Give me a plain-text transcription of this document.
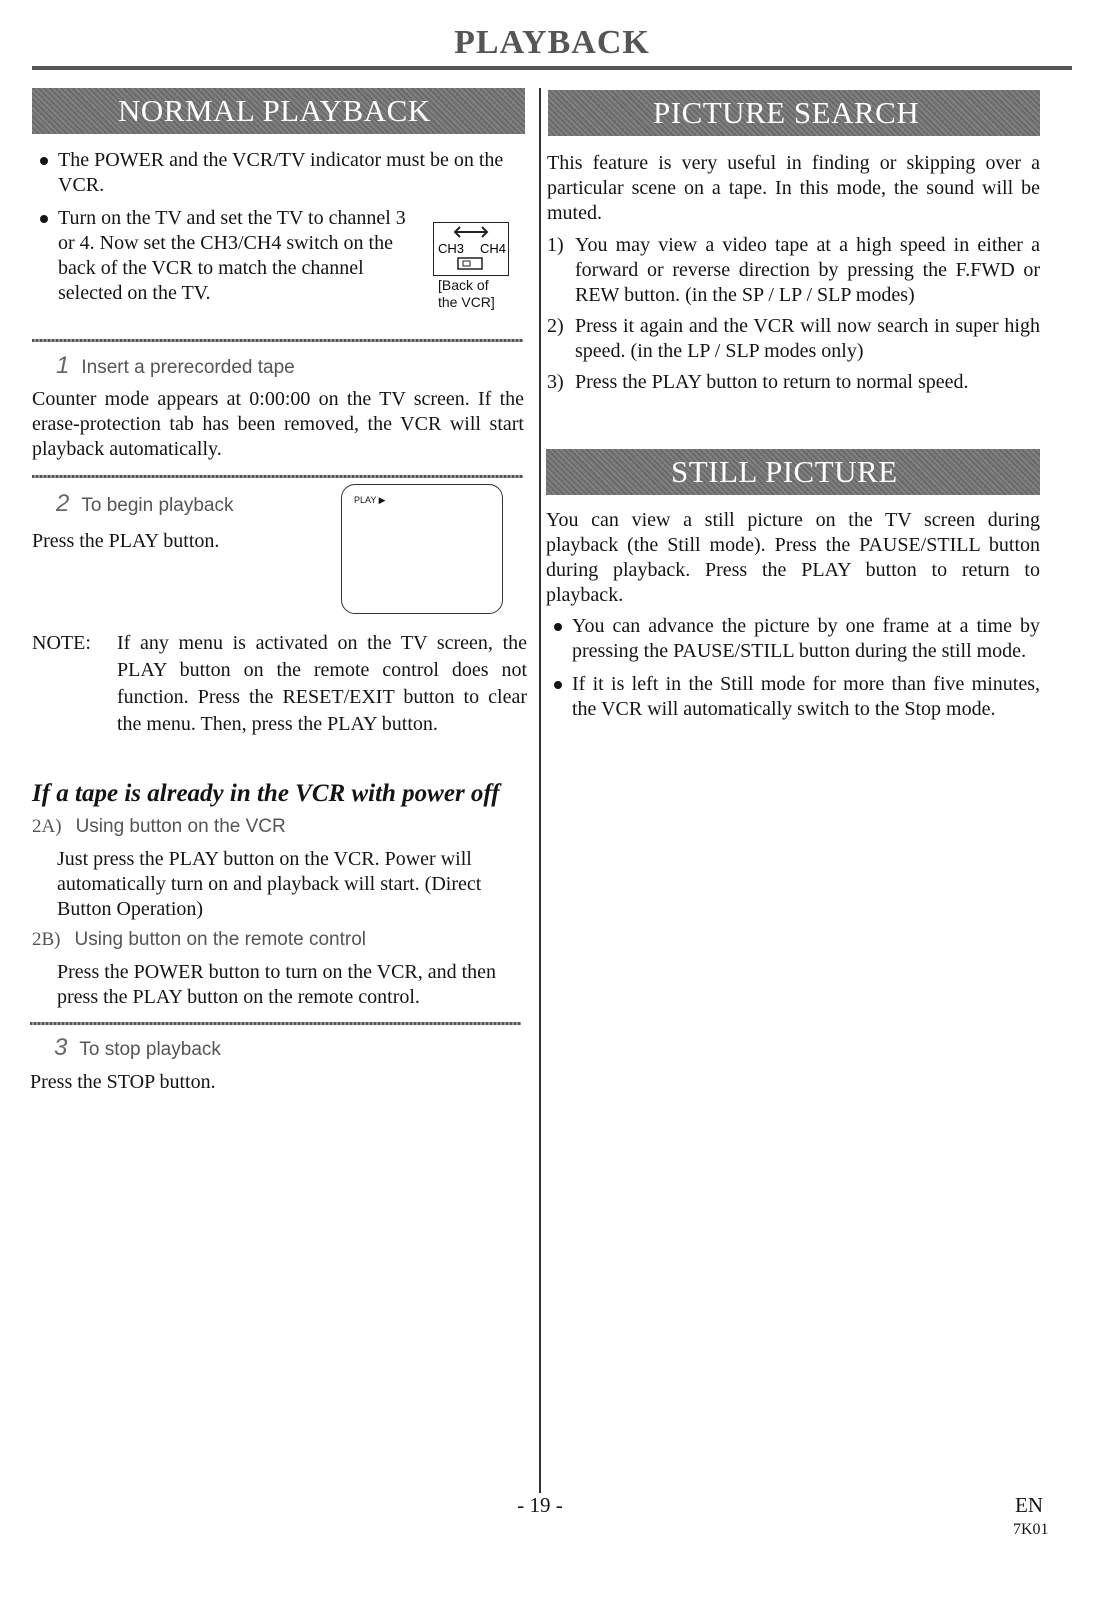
PLAYBACK
NORMAL PLAYBACK
The POWER and the VCR/TV indicator must be on the VCR.
Turn on the TV and set the TV to channel 3 or 4. Now set the CH3/CH4 switch on the back of the VCR to match the channel selected on the TV.
CH3 CH4
[Back of
the VCR]
1 Insert a prerecorded tape
Counter mode appears at 0:00:00 on the TV screen. If the erase-protection tab has been removed, the VCR will start playback automatically.
2 To begin playback
Press the PLAY button.
PLAY ▶
NOTE: If any menu is activated on the TV screen, the PLAY button on the remote control does not function. Press the RESET/EXIT button to clear the menu. Then, press the PLAY button.
If a tape is already in the VCR with power off
2A) Using button on the VCR
Just press the PLAY button on the VCR. Power will automatically turn on and playback will start. (Direct Button Operation)
2B) Using button on the remote control
Press the POWER button to turn on the VCR, and then press the PLAY button on the remote control.
3 To stop playback
Press the STOP button.
PICTURE SEARCH
This feature is very useful in finding or skipping over a particular scene on a tape. In this mode, the sound will be muted.
1) You may view a video tape at a high speed in either a forward or reverse direction by pressing the F.FWD or REW button. (in the SP / LP / SLP modes)
2) Press it again and the VCR will now search in super high speed. (in the LP / SLP modes only)
3) Press the PLAY button to return to normal speed.
STILL PICTURE
You can view a still picture on the TV screen during playback (the Still mode). Press the PAUSE/STILL button during playback. Press the PLAY button to return to playback.
You can advance the picture by one frame at a time by pressing the PAUSE/STILL button during the still mode.
If it is left in the Still mode for more than five minutes, the VCR will automatically switch to the Stop mode.
- 19 -	EN
7K01
